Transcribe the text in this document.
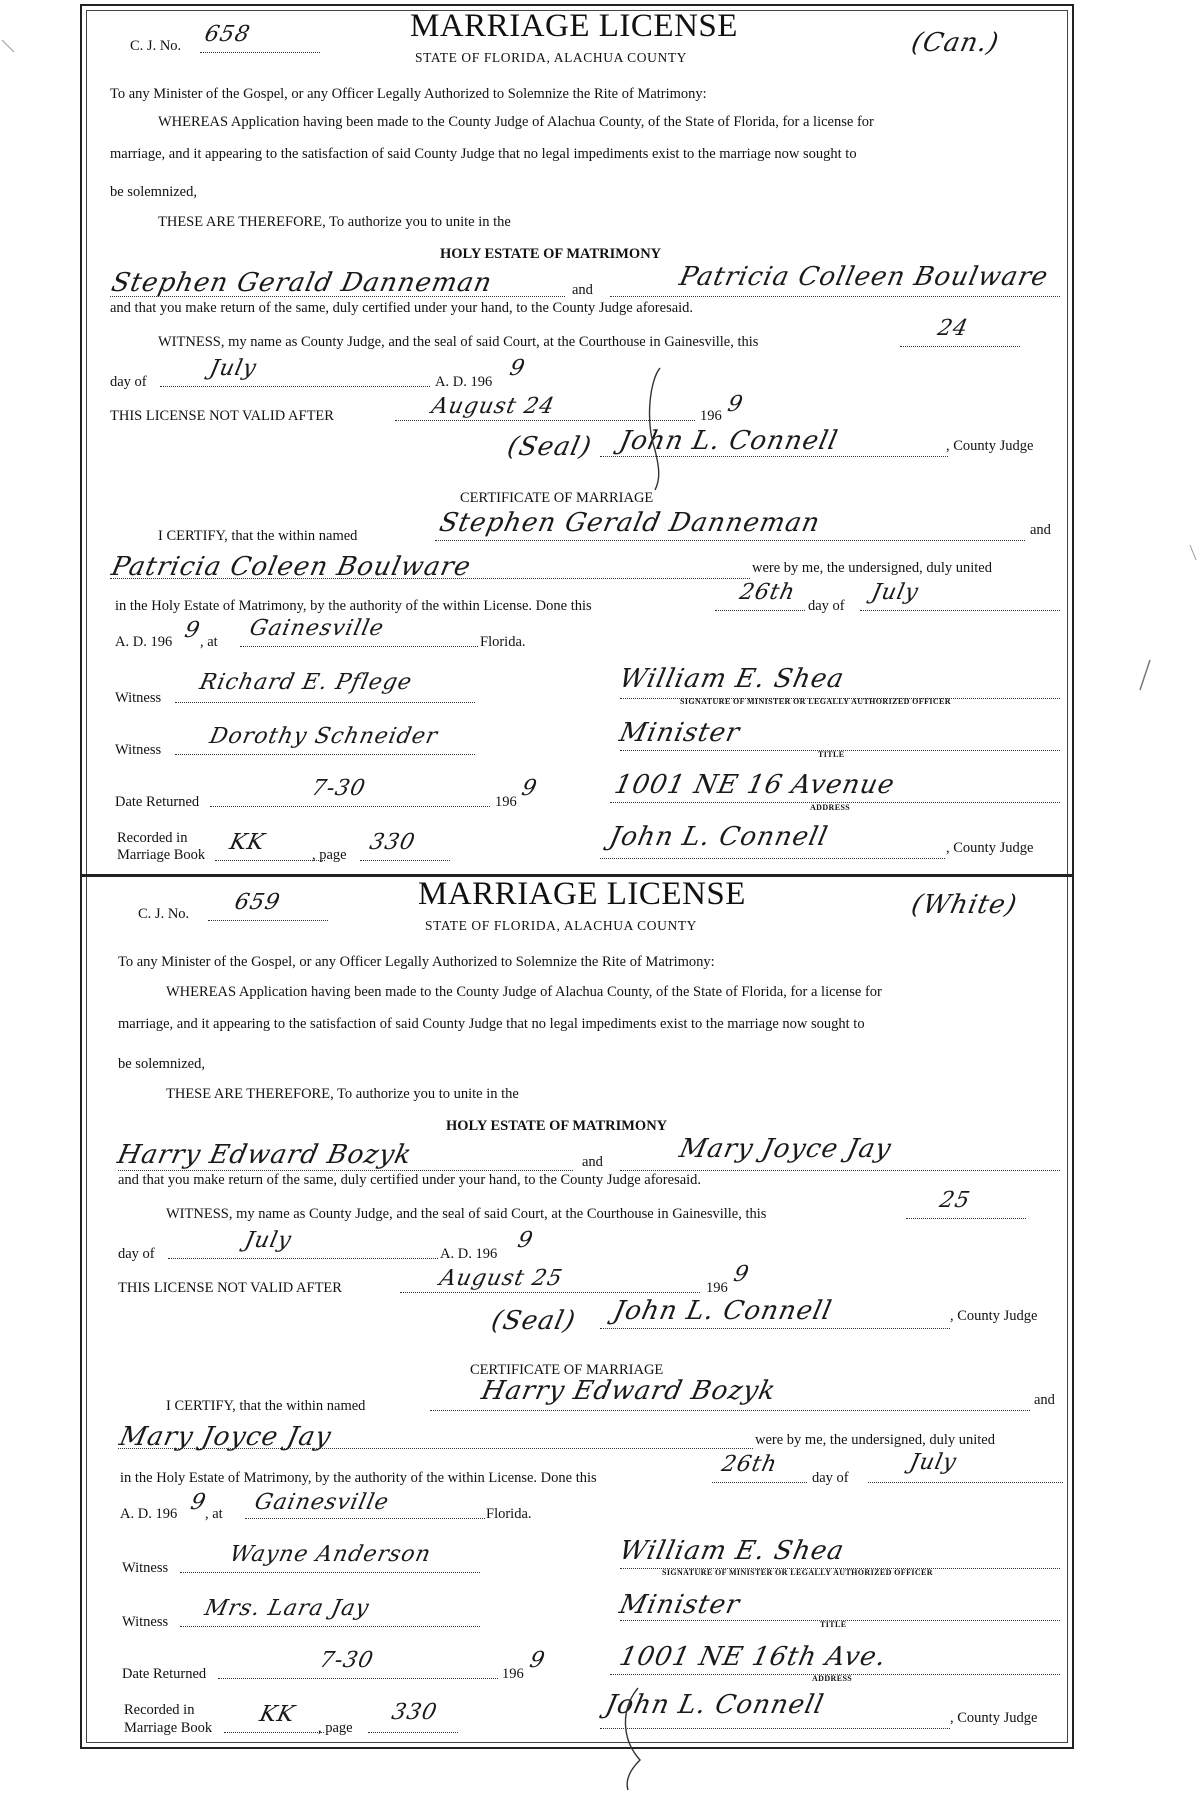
C. J. No. 658	MARRIAGE LICENSE
STATE OF FLORIDA, ALACHUA COUNTY	(Can.)
To any Minister of the Gospel, or any Officer Legally Authorized to Solemnize the Rite of Matrimony:
WHEREAS Application having been made to the County Judge of Alachua County, of the State of Florida, for a license for
marriage, and it appearing to the satisfaction of said County Judge that no legal impediments exist to the marriage now sought to
be solemnized,
THESE ARE THEREFORE, To authorize you to unite in the
HOLY ESTATE OF MATRIMONY
Stephen Gerald Danneman	and	Patricia Colleen Boulware
and that you make return of the same, duly certified under your hand, to the County Judge aforesaid.
WITNESS, my name as County Judge, and the seal of said Court, at the Courthouse in Gainesville, this
24
day of
July
A. D. 196
9
THIS LICENSE NOT VALID AFTER	August 24	196 9
(Seal) John L. Connell	, County Judge
CERTIFICATE OF MARRIAGE
I CERTIFY, that the within named	Stephen Gerald Danneman	and
Patricia Coleen Boulware	were by me, the undersigned, duly united
in the Holy Estate of Matrimony, by the authority of the within License. Done this
26th
day of
July
A. D. 196 9
, at
Gainesville
Florida.
Witness
Richard E. Pflege	William E. Shea
SIGNATURE OF MINISTER OR LEGALLY AUTHORIZED OFFICER
Witness
Dorothy Schneider	Minister
TITLE
Date Returned
7-30
196
9	1001 NE 16 Avenue
ADDRESS
Recorded in
Marriage Book KK	, page 330	John L. Connell	, County Judge
C. J. No. 659	MARRIAGE LICENSE
STATE OF FLORIDA, ALACHUA COUNTY
(White)
To any Minister of the Gospel, or any Officer Legally Authorized to Solemnize the Rite of Matrimony:
WHEREAS Application having been made to the County Judge of Alachua County, of the State of Florida, for a license for
marriage, and it appearing to the satisfaction of said County Judge that no legal impediments exist to the marriage now sought to
be solemnized,
THESE ARE THEREFORE, To authorize you to unite in the
HOLY ESTATE OF MATRIMONY
Harry Edward Bozyk	and	Mary Joyce Jay
and that you make return of the same, duly certified under your hand, to the County Judge aforesaid.
WITNESS, my name as County Judge, and the seal of said Court, at the Courthouse in Gainesville, this
25
day of
July
A. D. 196
9
THIS LICENSE NOT VALID AFTER	August 25	196
9
(Seal) John L. Connell	, County Judge
CERTIFICATE OF MARRIAGE
I CERTIFY, that the within named	Harry Edward Bozyk	and
Mary Joyce Jay	were by me, the undersigned, duly united
in the Holy Estate of Matrimony, by the authority of the within License. Done this
26th
day of
July
A. D. 196 9
, at Gainesville	Florida.
Witness
Wayne Anderson	William E. Shea
SIGNATURE OF MINISTER OR LEGALLY AUTHORIZED OFFICER
Witness
Mrs. Lara Jay	Minister
TITLE
Date Returned
7-30
196
9	1001 NE 16th Ave.
ADDRESS
Recorded in
Marriage Book
KK
, page
330	John L. Connell	, County Judge
